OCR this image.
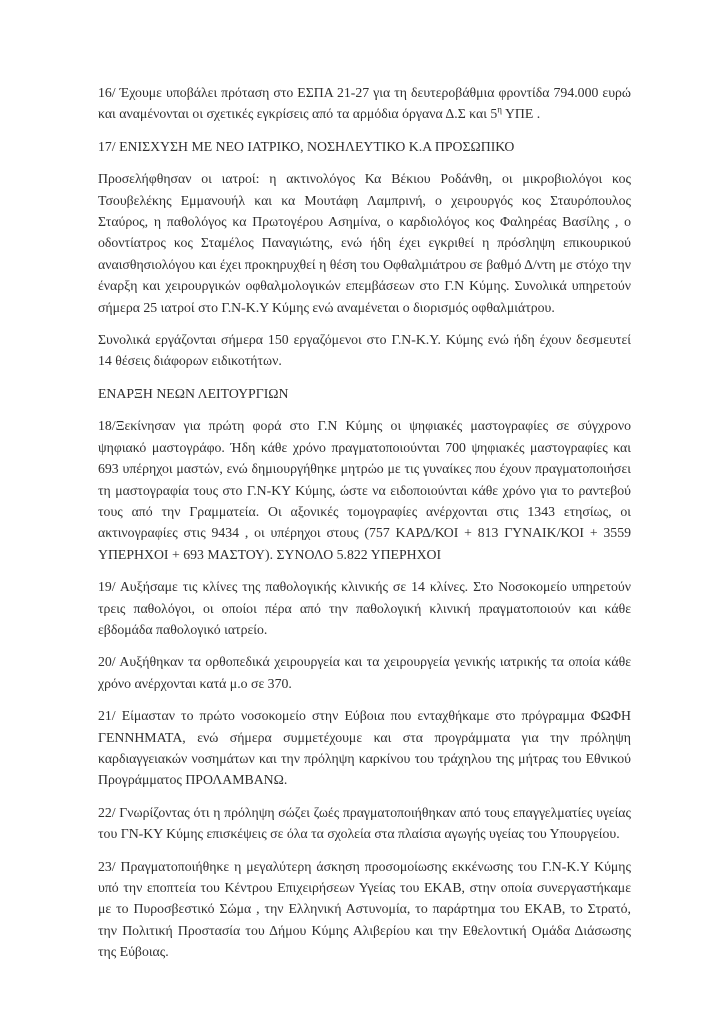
16/ Έχουμε υποβάλει πρόταση στο ΕΣΠΑ 21-27 για τη δευτεροβάθμια φροντίδα 794.000 ευρώ και αναμένονται οι σχετικές εγκρίσεις από τα αρμόδια όργανα Δ.Σ και $5^\eta$ ΥΠΕ .

17/ ΕΝΙΣΧΥΣΗ ΜΕ ΝΕΟ ΙΑΤΡΙΚΟ, ΝΟΣΗΛΕΥΤΙΚΟ Κ.Α ΠΡΟΣΩΠΙΚΟ

Προσελήφθησαν οι ιατροί: η ακτινολόγος Κα Βέκιου Ροδάνθη, οι μικροβιολόγοι κος Τσουβελέκης Εμμανουήλ και κα Μουτάφη Λαμπρινή, ο χειρουργός κος Σταυρόπουλος Σταύρος, η παθολόγος κα Πρωτογέρου Ασημίνα, ο καρδιολόγος κος Φαληρέας Βασίλης , ο οδοντίατρος κος Σταμέλος Παναγιώτης, ενώ ήδη έχει εγκριθεί η πρόσληψη επικουρικού αναισθησιολόγου και έχει προκηρυχθεί η θέση του Οφθαλμιάτρου σε βαθμό Δ/ντη με στόχο την έναρξη και χειρουργικών οφθαλμολογικών επεμβάσεων στο Γ.Ν Κύμης. Συνολικά υπηρετούν σήμερα 25 ιατροί στο Γ.Ν-Κ.Υ Κύμης ενώ αναμένεται ο διορισμός οφθαλμιάτρου.

Συνολικά εργάζονται σήμερα 150 εργαζόμενοι στο Γ.Ν-Κ.Υ. Κύμης ενώ ήδη έχουν δεσμευτεί 14 θέσεις διάφορων ειδικοτήτων.

ΕΝΑΡΞΗ ΝΕΩΝ ΛΕΙΤΟΥΡΓΙΩΝ

18/Ξεκίνησαν για πρώτη φορά στο Γ.Ν Κύμης οι ψηφιακές μαστογραφίες σε σύγχρονο ψηφιακό μαστογράφο. Ήδη κάθε χρόνο πραγματοποιούνται 700 ψηφιακές μαστογραφίες και 693 υπέρηχοι μαστών, ενώ δημιουργήθηκε μητρώο με τις γυναίκες που έχουν πραγματοποιήσει τη μαστογραφία τους στο Γ.Ν-ΚΥ Κύμης, ώστε να ειδοποιούνται κάθε χρόνο για το ραντεβού τους από την Γραμματεία. Οι αξονικές τομογραφίες ανέρχονται στις 1343 ετησίως, οι ακτινογραφίες στις 9434 , οι υπέρηχοι στους (757 ΚΑΡΔ/ΚΟΙ + 813 ΓΥΝΑΙΚ/ΚΟΙ + 3559 ΥΠΕΡΗΧΟΙ + 693 ΜΑΣΤΟΥ). ΣΥΝΟΛΟ 5.822 ΥΠΕΡΗΧΟΙ

19/ Αυξήσαμε τις κλίνες της παθολογικής κλινικής σε 14 κλίνες. Στο Νοσοκομείο υπηρετούν τρεις παθολόγοι, οι οποίοι πέρα από την παθολογική κλινική πραγματοποιούν και κάθε εβδομάδα παθολογικό ιατρείο.

20/ Αυξήθηκαν τα ορθοπεδικά χειρουργεία και τα χειρουργεία γενικής ιατρικής τα οποία κάθε χρόνο ανέρχονται κατά μ.ο σε 370.

21/ Είμασταν το πρώτο νοσοκομείο στην Εύβοια που ενταχθήκαμε στο πρόγραμμα ΦΩΦΗ ΓΕΝΝΗΜΑΤΑ, ενώ σήμερα συμμετέχουμε και στα προγράμματα για την πρόληψη καρδιαγγειακών νοσημάτων και την πρόληψη καρκίνου του τράχηλου της μήτρας του Εθνικού Προγράμματος ΠΡΟΛΑΜΒΑΝΩ.

22/ Γνωρίζοντας ότι η πρόληψη σώζει ζωές πραγματοποιήθηκαν από τους επαγγελματίες υγείας του ΓΝ-ΚΥ Κύμης επισκέψεις σε όλα τα σχολεία στα πλαίσια αγωγής υγείας του Υπουργείου.

23/ Πραγματοποιήθηκε η μεγαλύτερη άσκηση προσομοίωσης εκκένωσης του Γ.Ν-Κ.Υ Κύμης υπό την εποπτεία του Κέντρου Επιχειρήσεων Υγείας του ΕΚΑΒ, στην οποία συνεργαστήκαμε με το Πυροσβεστικό Σώμα , την Ελληνική Αστυνομία, το παράρτημα του ΕΚΑΒ, το Στρατό, την Πολιτική Προστασία του Δήμου Κύμης Αλιβερίου και την Εθελοντική Ομάδα Διάσωσης της Εύβοιας.
